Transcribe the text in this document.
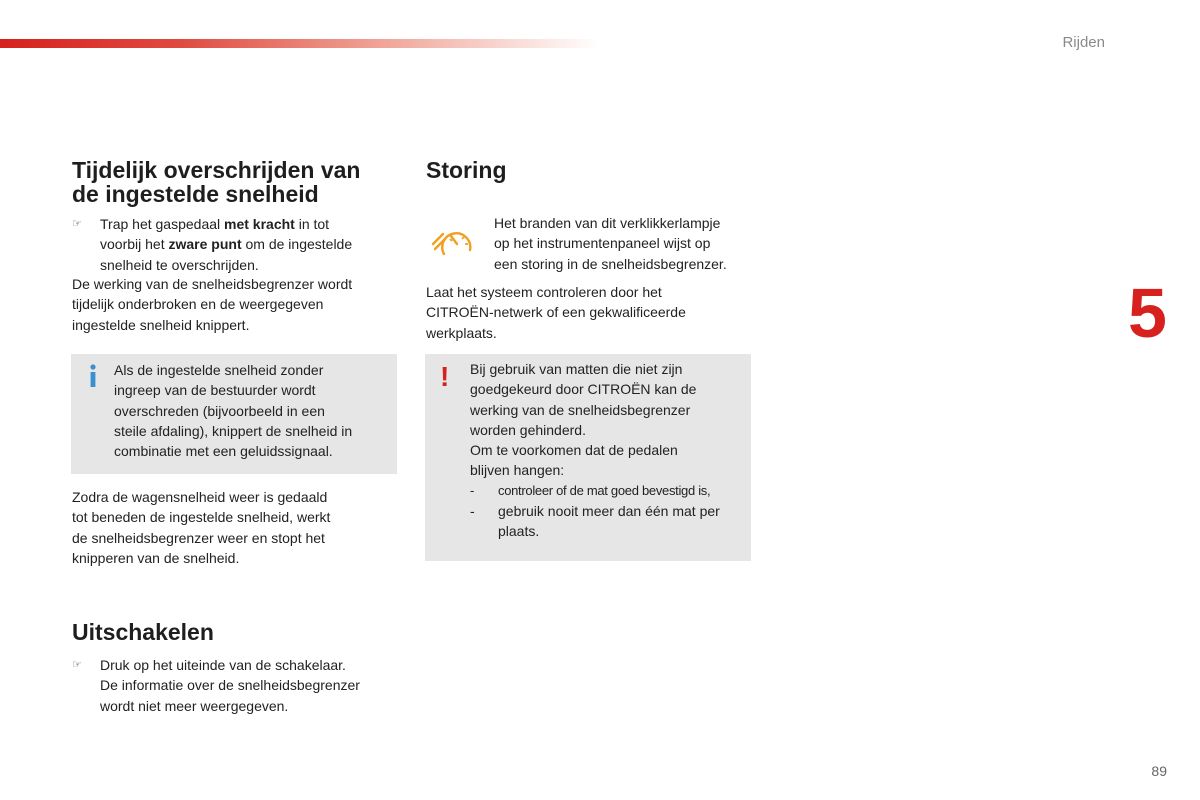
Rijden
5
Tijdelijk overschrijden van
de ingestelde snelheid
☞ Trap het gaspedaal met kracht in tot
voorbij het zware punt om de ingestelde
snelheid te overschrijden.
De werking van de snelheidsbegrenzer wordt
tijdelijk onderbroken en de weergegeven
ingestelde snelheid knippert.
Als de ingestelde snelheid zonder
ingreep van de bestuurder wordt
overschreden (bijvoorbeeld in een
steile afdaling), knippert de snelheid in
combinatie met een geluidssignaal.
Zodra de wagensnelheid weer is gedaald
tot beneden de ingestelde snelheid, werkt
de snelheidsbegrenzer weer en stopt het
knipperen van de snelheid.
Uitschakelen
☞ Druk op het uiteinde van de schakelaar.
De informatie over de snelheidsbegrenzer
wordt niet meer weergegeven.
Storing
Het branden van dit verklikkerlampje
op het instrumentenpaneel wijst op
een storing in de snelheidsbegrenzer.
Laat het systeem controleren door het
CITROËN-netwerk of een gekwalificeerde
werkplaats.
! Bij gebruik van matten die niet zijn
goedgekeurd door CITROËN kan de
werking van de snelheidsbegrenzer
worden gehinderd.
Om te voorkomen dat de pedalen
blijven hangen:
- controleer of de mat goed bevestigd is,
- gebruik nooit meer dan één mat per
plaats.
89
